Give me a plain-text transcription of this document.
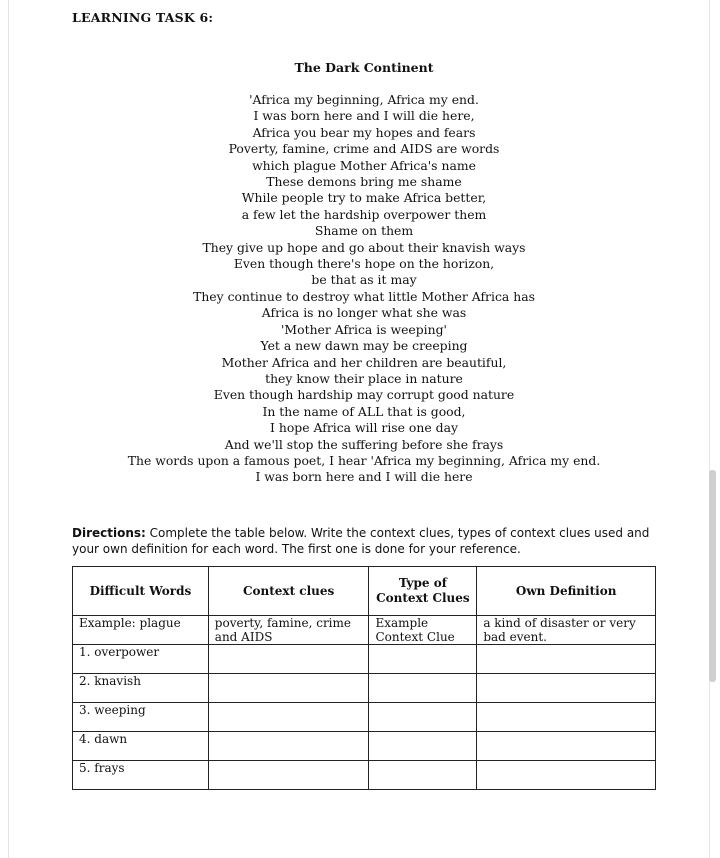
LEARNING TASK 6:
The Dark Continent
'Africa my beginning, Africa my end.
I was born here and I will die here,
Africa you bear my hopes and fears
Poverty, famine, crime and AIDS are words
which plague Mother Africa's name
These demons bring me shame
While people try to make Africa better,
a few let the hardship overpower them
Shame on them
They give up hope and go about their knavish ways
Even though there's hope on the horizon,
be that as it may
They continue to destroy what little Mother Africa has
Africa is no longer what she was
'Mother Africa is weeping'
Yet a new dawn may be creeping
Mother Africa and her children are beautiful,
they know their place in nature
Even though hardship may corrupt good nature
In the name of ALL that is good,
I hope Africa will rise one day
And we'll stop the suffering before she frays
The words upon a famous poet, I hear 'Africa my beginning, Africa my end.
I was born here and I will die here
Directions: Complete the table below. Write the context clues, types of context clues used and your own definition for each word. The first one is done for your reference.
Difficult Words	Context clues	Type of Context Clues	Own Definition
Example: plague	poverty, famine, crime and AIDS	Example Context Clue	a kind of disaster or very bad event.
1. overpower			
2. knavish			
3. weeping			
4. dawn			
5. frays			
